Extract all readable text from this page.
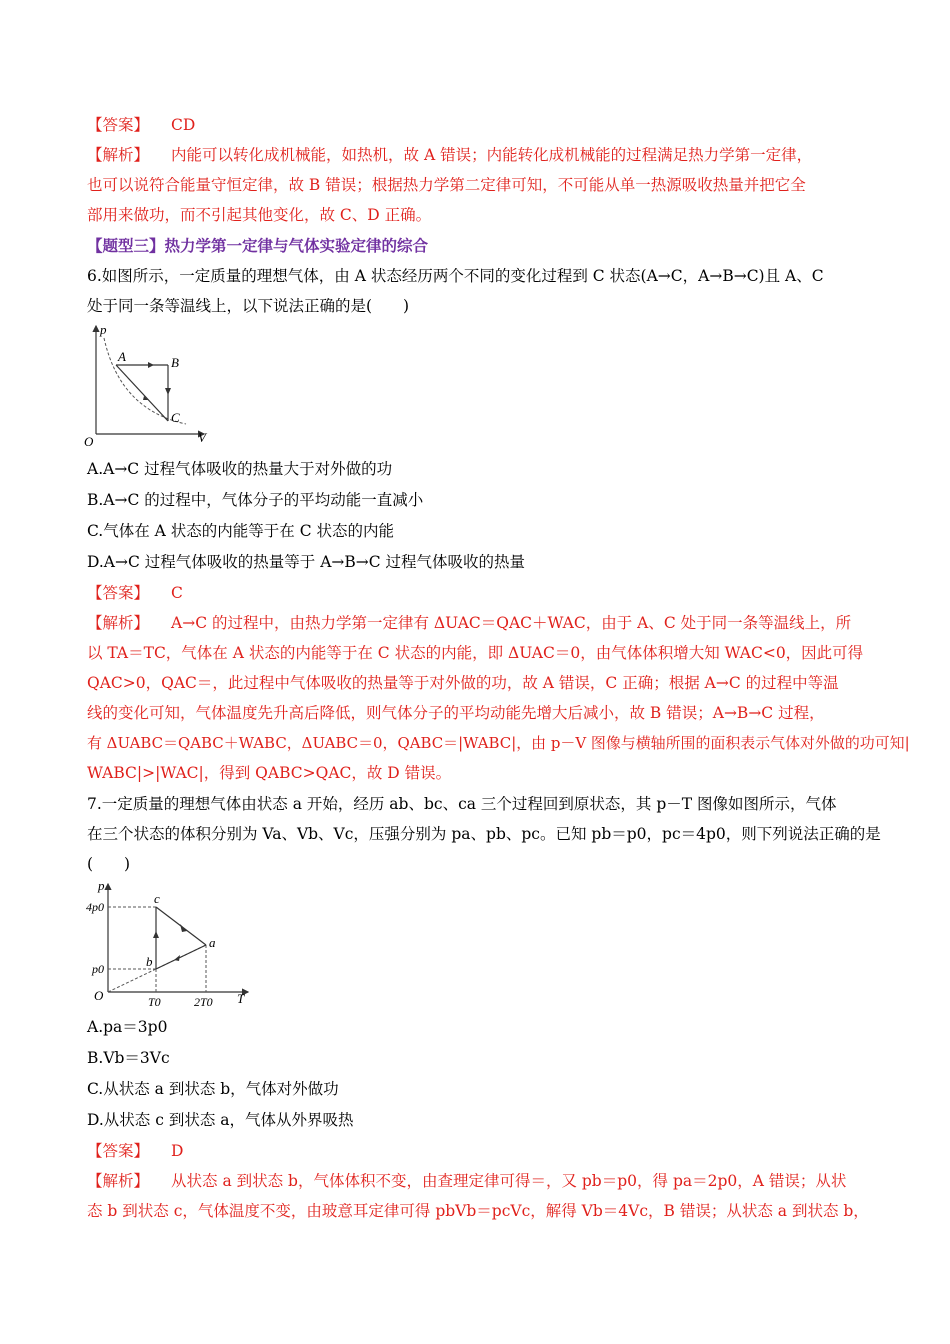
【答案】 CD
【解析】 内能可以转化成机械能，如热机，故 A 错误；内能转化成机械能的过程满足热力学第一定律，
也可以说符合能量守恒定律，故 B 错误；根据热力学第二定律可知，不可能从单一热源吸收热量并把它全
部用来做功，而不引起其他变化，故 C、D 正确。
【题型三】热力学第一定律与气体实验定律的综合
6.如图所示，一定质量的理想气体，由 A 状态经历两个不同的变化过程到 C 状态(A→C，A→B→C)且 A、C
处于同一条等温线上，以下说法正确的是(　　)
p
V
O
A	B
C
A.A→C 过程气体吸收的热量大于对外做的功
B.A→C 的过程中，气体分子的平均动能一直减小
C.气体在 A 状态的内能等于在 C 状态的内能
D.A→C 过程气体吸收的热量等于 A→B→C 过程气体吸收的热量
【答案】 C
【解析】 A→C 的过程中，由热力学第一定律有 ΔUAC＝QAC＋WAC，由于 A、C 处于同一条等温线上，所
以 TA＝TC，气体在 A 状态的内能等于在 C 状态的内能，即 ΔUAC＝0，由气体体积增大知 WAC<0，因此可得
QAC>0，QAC＝，此过程中气体吸收的热量等于对外做的功，故 A 错误，C 正确；根据 A→C 的过程中等温
线的变化可知，气体温度先升高后降低，则气体分子的平均动能先增大后减小，故 B 错误；A→B→C 过程，
有 ΔUABC＝QABC＋WABC，ΔUABC＝0，QABC＝|WABC|，由 p－V 图像与横轴所围的面积表示气体对外做的功可知|
WABC|>|WAC|，得到 QABC>QAC，故 D 错误。
7.一定质量的理想气体由状态 a 开始，经历 ab、bc、ca 三个过程回到原状态，其 p－T 图像如图所示，气体
在三个状态的体积分别为 Va、Vb、Vc，压强分别为 pa、pb、pc。已知 pb＝p0，pc＝4p0，则下列说法正确的是
(　　)
p
T
O
4p0
p0
T0	2T0
c
a
b
A.pa＝3p0
B.Vb＝3Vc
C.从状态 a 到状态 b，气体对外做功
D.从状态 c 到状态 a，气体从外界吸热
【答案】 D
【解析】 从状态 a 到状态 b，气体体积不变，由查理定律可得＝，又 pb＝p0，得 pa＝2p0，A 错误；从状
态 b 到状态 c，气体温度不变，由玻意耳定律可得 pbVb＝pcVc，解得 Vb＝4Vc，B 错误；从状态 a 到状态 b，
